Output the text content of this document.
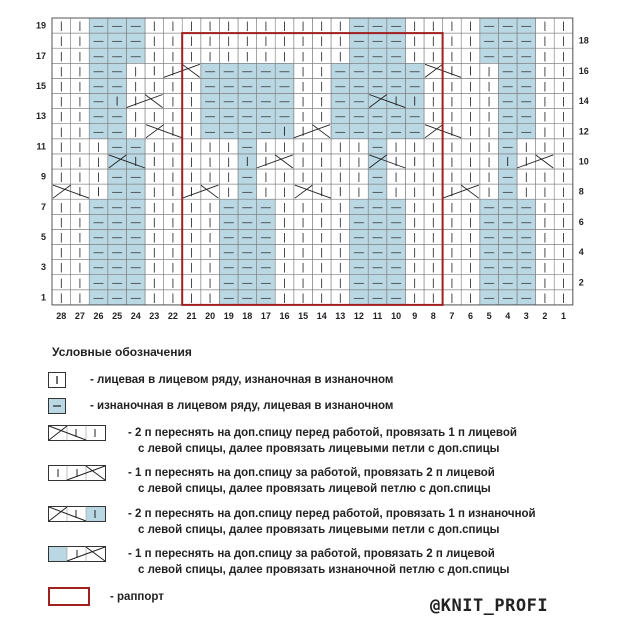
|
|
—
—
—
|
|
|
|
—
—
—
|
|
|
|
—
—
—
|
|
|
|
—
—
—
|
|
|
|
—
—
—
|
|
|
|
—
—
—
|
|
|
|
—
—
—
|
|
|
|
—
—
—
|
|
|
|
—
—
—
|
|
|
|
—
—
—
|
|
|
|
—
—
—
|
|
|
|
—
—
—
|
|
|
|
—
—
—
|
|
|
|
—
—
—
|
|
|
|
—
—
—
|
|
|
|
—
—
—
|
|
|
|
—
—
—
|
|
|
|
—
—
—
|
|
|
|
—
—
—
|
|
|
|
—
—
—
|
|
|
|
—
—
—
|
|
|
|
—
—
—
|
|
|
|
—
—
—
|
|
|
|
—
—
—
|
|
|
|
—
—
—
|
|
|
|
—
—
—
|
|
|
|
—
—
—
|
|
|
|
—
—
—
|
|
|
|
|
—
|
|
|
—
|
|
|
—
|
|
—
—
|
|
|
—
|
|
|
|
|
|
—
|
|
|
|
|
|
—
|
|
|
|
|
—
—
|
|
|
|
|
|
|
|
|
|
|
|
|
|
|
|
|
|
|
|
|
|
—
|
|
|
|
|
|
—
|
|
|
|
|
|
—
|
|
|
|
|
—
—
|
|
|
|
|
—
—
|
—
—
—
—
—
—
—
—
—
|
—
—
|
|
|
|
—
—
|
|
|
|
—
—
—
—
—
|
|
—
—
—
—
—
|
|
|
|
—
—
|
|
|
|
—
—
|
|
|
|
—
—
|
|
—
—
—
—
—
|
|
—
|
|
|
|
—
—
|
|
|
|
—
—
—
—
—
|
|
—
—
—
—
—
|
|
|
|
—
—
|
|
|
|
—
—
|
—
—
—
—
—
|
|
—
—
—
—
—
|
—
—
|
|
|
|
—
—
—
|
|
|
|
—
—
—
|
|
|
|
|
|
|
|
|
|
|
—
—
—
|
|
|
|
—
—
—
|
|
|
|
—
—
—
|
|
|
|
|
|
|
|
|
|
|
—
—
—
|
|
|
|
—
—
—
|
|
|
|
—
—
—
|
|
|
|
|
|
|
|
|
|
|
—
—
—
|
|
1
3
5
7
9
11
13
15
17
19
2
4
6
8
10
12
14
16
18
28 27 26 25 24 23 22 21 20 19 18 17 16 15 14 13 12 11 10 9 8 7 6 5 4 3 2 1
Условные обозначения
- лицевая в лицевом ряду, изнаночная в изнаночном
- изнаночная в лицевом ряду, лицевая в изнаночном
- 2 п переснять на доп.спицу перед работой, провязать 1 п лицевой
с левой спицы, далее провязать лицевыми петли с доп.спицы
- 1 п переснять на доп.спицу за работой, провязать 2 п лицевой
с левой спицы, далее провязать лицевой петлю с доп.спицы
- 2 п переснять на доп.спицу перед работой, провязать 1 п изнаночной
с левой спицы, далее провязать лицевыми петли с доп.спицы
- 1 п переснять на доп.спицу за работой, провязать 2 п лицевой
с левой спицы, далее провязать изнаночной петлю с доп.спицы
- раппорт	@KNIT_PROFI
